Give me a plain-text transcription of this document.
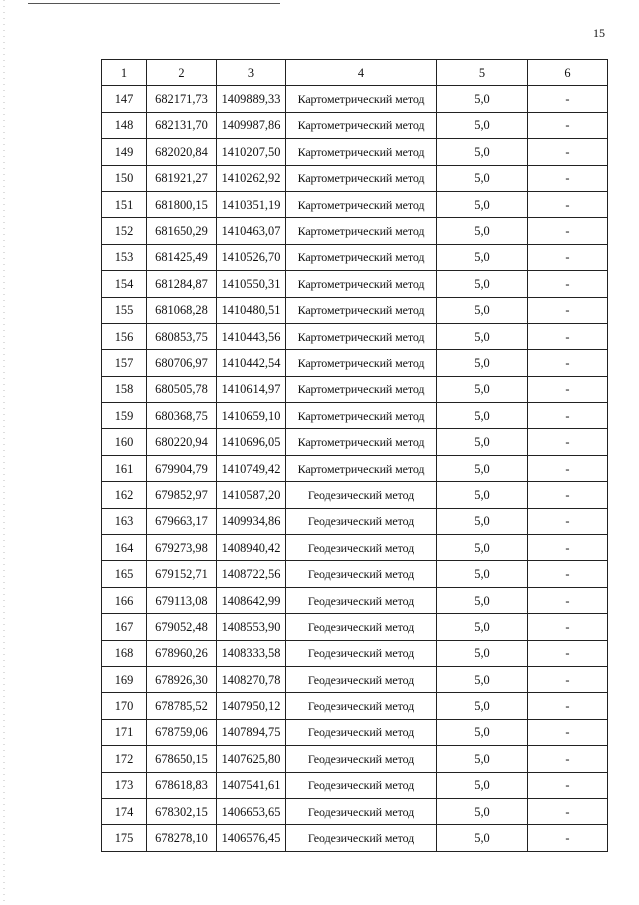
15
1	2	3	4	5	6
147	682171,73	1409889,33	Картометрический метод	5,0	-
148	682131,70	1409987,86	Картометрический метод	5,0	-
149	682020,84	1410207,50	Картометрический метод	5,0	-
150	681921,27	1410262,92	Картометрический метод	5,0	-
151	681800,15	1410351,19	Картометрический метод	5,0	-
152	681650,29	1410463,07	Картометрический метод	5,0	-
153	681425,49	1410526,70	Картометрический метод	5,0	-
154	681284,87	1410550,31	Картометрический метод	5,0	-
155	681068,28	1410480,51	Картометрический метод	5,0	-
156	680853,75	1410443,56	Картометрический метод	5,0	-
157	680706,97	1410442,54	Картометрический метод	5,0	-
158	680505,78	1410614,97	Картометрический метод	5,0	-
159	680368,75	1410659,10	Картометрический метод	5,0	-
160	680220,94	1410696,05	Картометрический метод	5,0	-
161	679904,79	1410749,42	Картометрический метод	5,0	-
162	679852,97	1410587,20	Геодезический метод	5,0	-
163	679663,17	1409934,86	Геодезический метод	5,0	-
164	679273,98	1408940,42	Геодезический метод	5,0	-
165	679152,71	1408722,56	Геодезический метод	5,0	-
166	679113,08	1408642,99	Геодезический метод	5,0	-
167	679052,48	1408553,90	Геодезический метод	5,0	-
168	678960,26	1408333,58	Геодезический метод	5,0	-
169	678926,30	1408270,78	Геодезический метод	5,0	-
170	678785,52	1407950,12	Геодезический метод	5,0	-
171	678759,06	1407894,75	Геодезический метод	5,0	-
172	678650,15	1407625,80	Геодезический метод	5,0	-
173	678618,83	1407541,61	Геодезический метод	5,0	-
174	678302,15	1406653,65	Геодезический метод	5,0	-
175	678278,10	1406576,45	Геодезический метод	5,0	-
